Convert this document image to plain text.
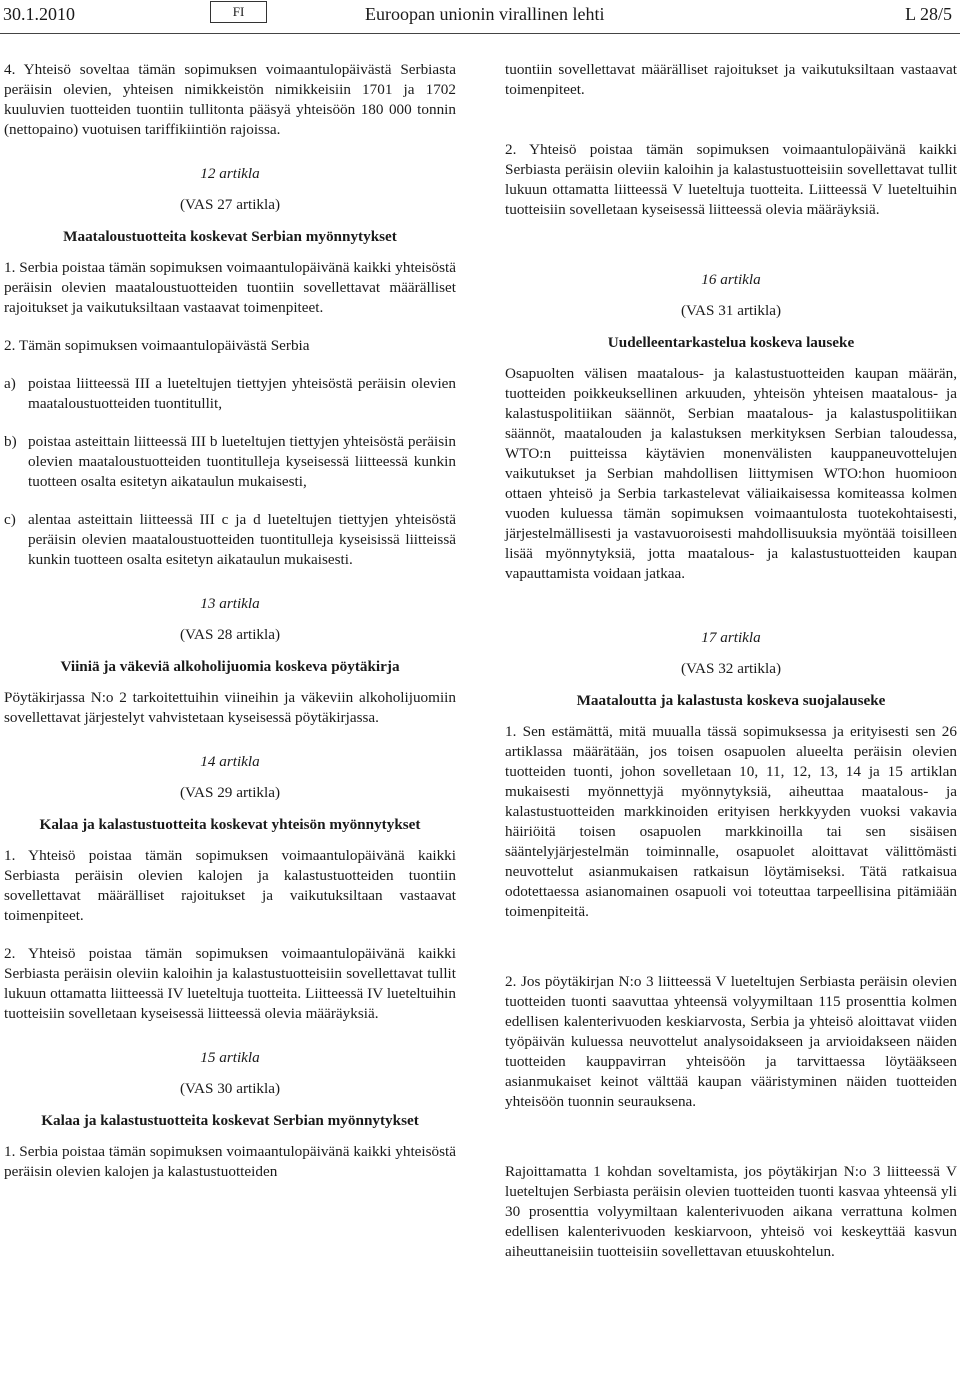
30.1.2010	FI	Euroopan unionin virallinen lehti	L 28/5

4. Yhteisö soveltaa tämän sopimuksen voimaantulopäivästä Serbiasta peräisin olevien, yhteisen nimikkeistön nimikkeisiin 1701 ja 1702 kuuluvien tuotteiden tuontiin tullitonta pääsyä yhteisöön 180 000 tonnin (nettopaino) vuotuisen tariffikiintiön rajoissa.

12 artikla

(VAS 27 artikla)

Maataloustuotteita koskevat Serbian myönnytykset

1. Serbia poistaa tämän sopimuksen voimaantulopäivänä kaikki yhteisöstä peräisin olevien maataloustuotteiden tuontiin sovellettavat määrälliset rajoitukset ja vaikutuksiltaan vastaavat toimenpiteet.

2. Tämän sopimuksen voimaantulopäivästä Serbia

a) poistaa liitteessä III a lueteltujen tiettyjen yhteisöstä peräisin olevien maataloustuotteiden tuontitullit,
b) poistaa asteittain liitteessä III b lueteltujen tiettyjen yhteisöstä peräisin olevien maataloustuotteiden tuontitulleja kyseisessä liitteessä kunkin tuotteen osalta esitetyn aikataulun mukaisesti,
c) alentaa asteittain liitteessä III c ja d lueteltujen tiettyjen yhteisöstä peräisin olevien maataloustuotteiden tuontitulleja kyseisissä liitteissä kunkin tuotteen osalta esitetyn aikataulun mukaisesti.

13 artikla

(VAS 28 artikla)

Viiniä ja väkeviä alkoholijuomia koskeva pöytäkirja

Pöytäkirjassa N:o 2 tarkoitettuihin viineihin ja väkeviin alkoholijuomiin sovellettavat järjestelyt vahvistetaan kyseisessä pöytäkirjassa.

14 artikla

(VAS 29 artikla)

Kalaa ja kalastustuotteita koskevat yhteisön myönnytykset

1. Yhteisö poistaa tämän sopimuksen voimaantulopäivänä kaikki Serbiasta peräisin olevien kalojen ja kalastustuotteiden tuontiin sovellettavat määrälliset rajoitukset ja vaikutuksiltaan vastaavat toimenpiteet.

2. Yhteisö poistaa tämän sopimuksen voimaantulopäivänä kaikki Serbiasta peräisin oleviin kaloihin ja kalastustuotteisiin sovellettavat tullit lukuun ottamatta liitteessä IV lueteltuja tuotteita. Liitteessä IV lueteltuihin tuotteisiin sovelletaan kyseisessä liitteessä olevia määräyksiä.

15 artikla

(VAS 30 artikla)

Kalaa ja kalastustuotteita koskevat Serbian myönnytykset

1. Serbia poistaa tämän sopimuksen voimaantulopäivänä kaikki yhteisöstä peräisin olevien kalojen ja kalastustuotteiden

tuontiin sovellettavat määrälliset rajoitukset ja vaikutuksiltaan vastaavat toimenpiteet.

2. Yhteisö poistaa tämän sopimuksen voimaantulopäivänä kaikki Serbiasta peräisin oleviin kaloihin ja kalastustuotteisiin sovellettavat tullit lukuun ottamatta liitteessä V lueteltuja tuotteita. Liitteessä V lueteltuihin tuotteisiin sovelletaan kyseisessä liitteessä olevia määräyksiä.

16 artikla

(VAS 31 artikla)

Uudelleentarkastelua koskeva lauseke

Osapuolten välisen maatalous- ja kalastustuotteiden kaupan määrän, tuotteiden poikkeuksellinen arkuuden, yhteisön yhteisen maatalous- ja kalastuspolitiikan säännöt, Serbian maatalous- ja kalastuspolitiikan säännöt, maatalouden ja kalastuksen merkityksen Serbian taloudessa, WTO:n puitteissa käytävien monenvälisten kauppaneuvottelujen vaikutukset ja Serbian mahdollisen liittymisen WTO:hon huomioon ottaen yhteisö ja Serbia tarkastelevat väliaikaisessa komiteassa kolmen vuoden kuluessa tämän sopimuksen voimaantulosta tuotekohtaisesti, järjestelmällisesti ja vastavuoroisesti mahdollisuuksia myöntää toisilleen lisää myönnytyksiä, jotta maatalous- ja kalastustuotteiden kaupan vapauttamista voidaan jatkaa.

17 artikla

(VAS 32 artikla)

Maataloutta ja kalastusta koskeva suojalauseke

1. Sen estämättä, mitä muualla tässä sopimuksessa ja erityisesti sen 26 artiklassa määrätään, jos toisen osapuolen alueelta peräisin olevien tuotteiden tuonti, johon sovelletaan 10, 11, 12, 13, 14 ja 15 artiklan mukaisesti myönnettyjä myönnytyksiä, aiheuttaa maatalous- ja kalastustuotteiden markkinoiden erityisen herkkyyden vuoksi vakavia häiriöitä toisen osapuolen markkinoilla tai sen sisäisen sääntelyjärjestelmän toiminnalle, osapuolet aloittavat välittömästi neuvottelut asianmukaisen ratkaisun löytämiseksi. Tätä ratkaisua odotettaessa asianomainen osapuoli voi toteuttaa tarpeellisina pitämiään toimenpiteitä.

2. Jos pöytäkirjan N:o 3 liitteessä V lueteltujen Serbiasta peräisin olevien tuotteiden tuonti saavuttaa yhteensä volyymiltaan 115 prosenttia kolmen edellisen kalenterivuoden keskiarvosta, Serbia ja yhteisö aloittavat viiden työpäivän kuluessa neuvottelut analysoidakseen ja arvioidakseen näiden tuotteiden kauppavirran yhteisöön ja tarvittaessa löytääkseen asianmukaiset keinot välttää kaupan vääristyminen näiden tuotteiden yhteisöön tuonnin seurauksena.

Rajoittamatta 1 kohdan soveltamista, jos pöytäkirjan N:o 3 liitteessä V lueteltujen Serbiasta peräisin olevien tuotteiden tuonti kasvaa yhteensä yli 30 prosenttia volyymiltaan kalenterivuoden aikana verrattuna kolmen edellisen kalenterivuoden keskiarvoon, yhteisö voi keskeyttää kasvun aiheuttaneisiin tuotteisiin sovellettavan etuuskohtelun.
